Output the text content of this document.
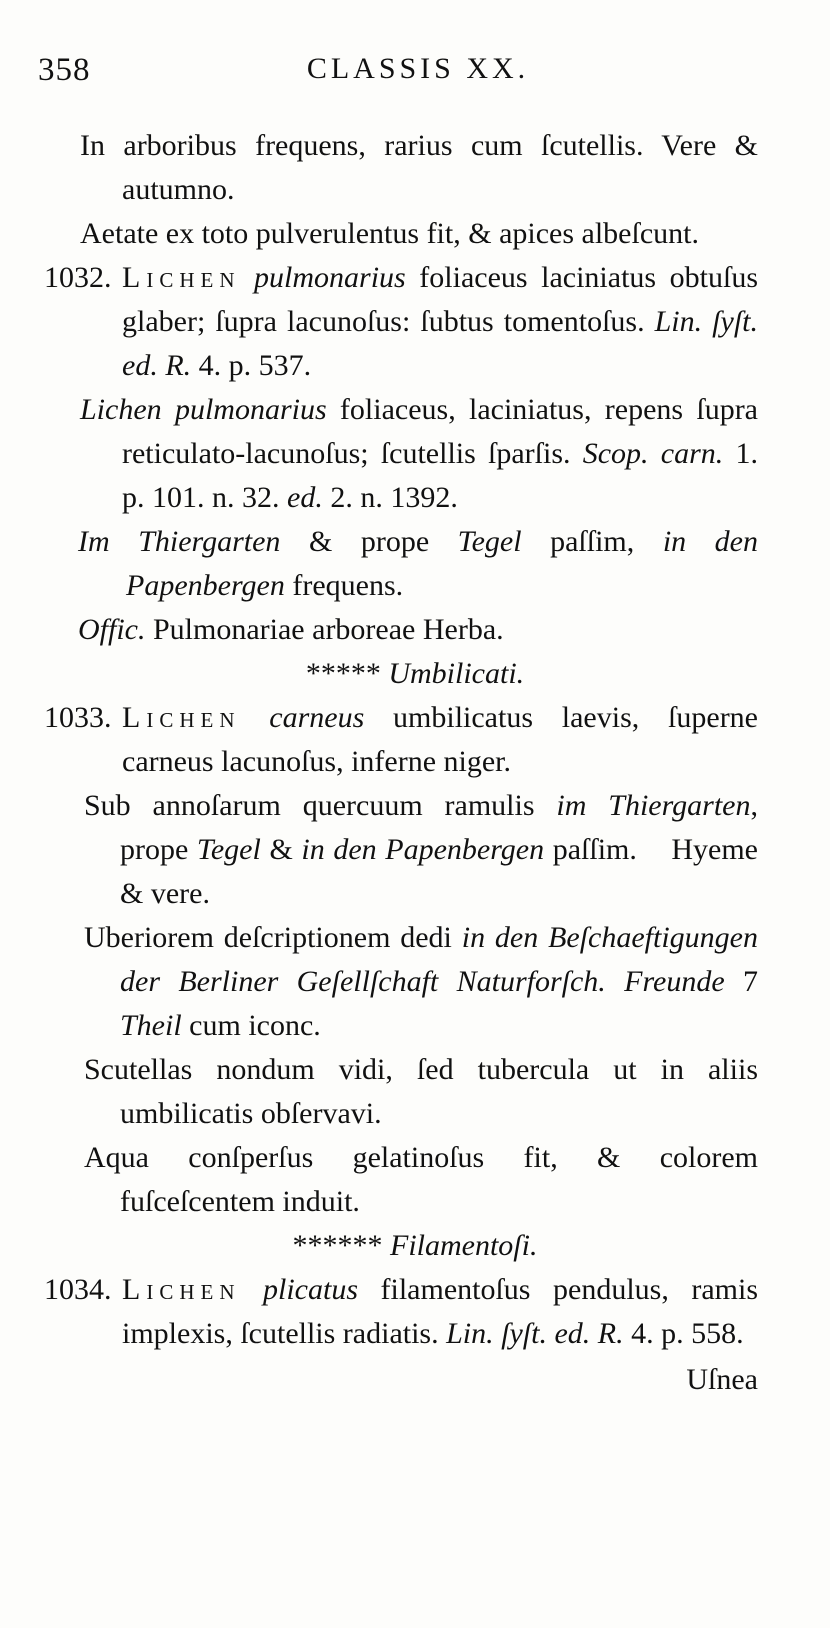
358	CLASSIS XX.

In arboribus frequens, rarius cum ſcutellis. Vere & autumno.

Aetate ex toto pulverulentus fit, & apices albeſcunt.

1032. Lichen pulmonarius foliaceus laciniatus obtuſus glaber; ſupra lacunoſus: ſubtus tomentoſus. Lin. ſyſt. ed. R. 4. p. 537.

Lichen pulmonarius foliaceus, laciniatus, repens ſupra reticulato-lacunoſus; ſcutellis ſparſis. Scop. carn. 1. p. 101. n. 32. ed. 2. n. 1392.

Im Thiergarten & prope Tegel paſſim, in den Papenbergen frequens.

Offic. Pulmonariae arboreae Herba.

***** Umbilicati.

1033. Lichen carneus umbilicatus laevis, ſuperne carneus lacunoſus, inferne niger.

Sub annoſarum quercuum ramulis im Thiergarten, prope Tegel & in den Papenbergen paſſim.    Hyeme & vere.

Uberiorem deſcriptionem dedi in den Beſchaeftigungen der Berliner Geſellſchaft Naturforſch. Freunde 7 Theil cum iconc.

Scutellas nondum vidi, ſed tubercula ut in aliis umbilicatis obſervavi.

Aqua conſperſus gelatinoſus fit, & colorem fuſceſcentem induit.

****** Filamentoſi.

1034. Lichen plicatus filamentoſus pendulus, ramis implexis, ſcutellis radiatis. Lin. ſyſt. ed. R. 4. p. 558.

Uſnea
